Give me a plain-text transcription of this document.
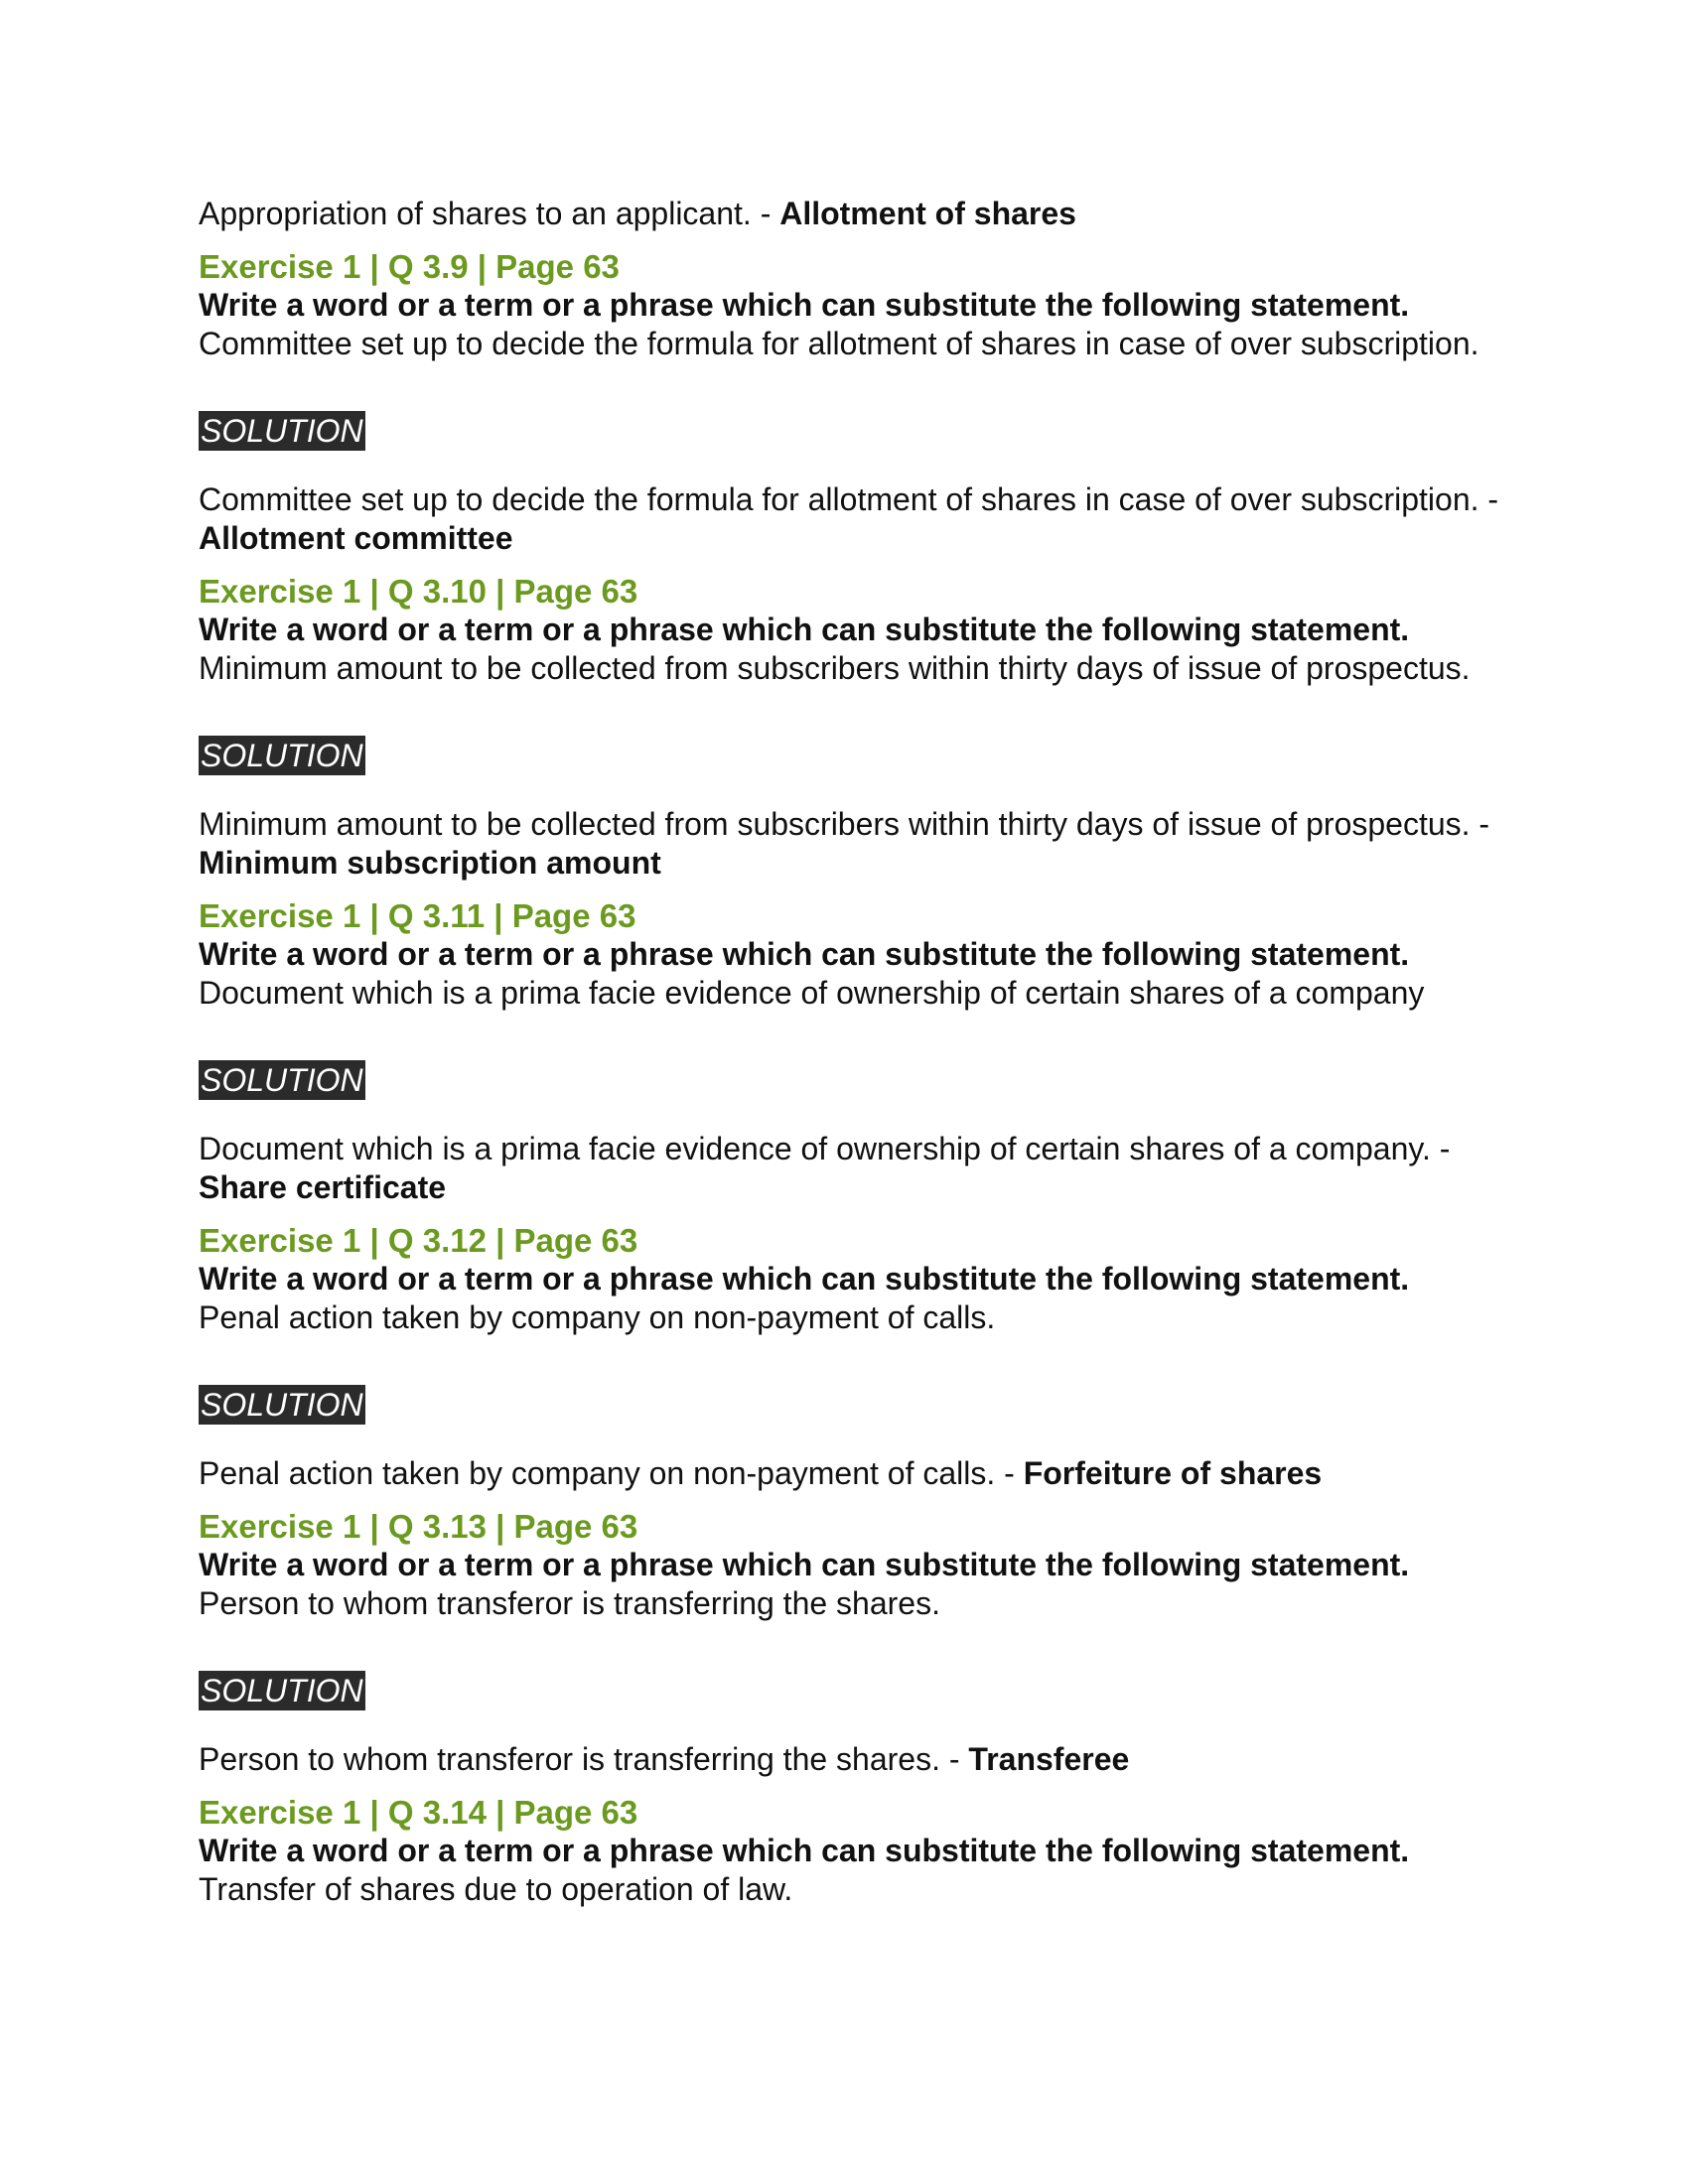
Appropriation of shares to an applicant. - Allotment of shares

Exercise 1 | Q 3.9 | Page 63

Write a word or a term or a phrase which can substitute the following statement.

Committee set up to decide the formula for allotment of shares in case of over subscription.

SOLUTION

Committee set up to decide the formula for allotment of shares in case of over subscription. - Allotment committee

Exercise 1 | Q 3.10 | Page 63

Write a word or a term or a phrase which can substitute the following statement.

Minimum amount to be collected from subscribers within thirty days of issue of prospectus.

SOLUTION

Minimum amount to be collected from subscribers within thirty days of issue of prospectus. - Minimum subscription amount

Exercise 1 | Q 3.11 | Page 63

Write a word or a term or a phrase which can substitute the following statement.

Document which is a prima facie evidence of ownership of certain shares of a company

SOLUTION

Document which is a prima facie evidence of ownership of certain shares of a company. - Share certificate

Exercise 1 | Q 3.12 | Page 63

Write a word or a term or a phrase which can substitute the following statement.

Penal action taken by company on non-payment of calls.

SOLUTION

Penal action taken by company on non-payment of calls. - Forfeiture of shares

Exercise 1 | Q 3.13 | Page 63

Write a word or a term or a phrase which can substitute the following statement.

Person to whom transferor is transferring the shares.

SOLUTION

Person to whom transferor is transferring the shares. - Transferee

Exercise 1 | Q 3.14 | Page 63

Write a word or a term or a phrase which can substitute the following statement.

Transfer of shares due to operation of law.
